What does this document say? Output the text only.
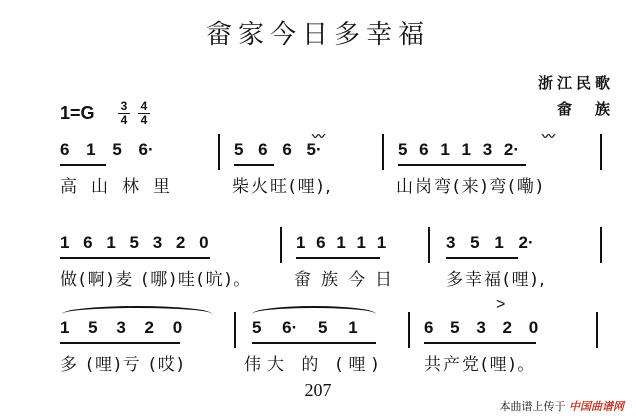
畲家今日多幸福
浙江民歌
畲　族
1=G 3
4
4
4
6 1 5 6·	5 6 6 5·
〰
5 6 1 1 3 2·
〰
高山林里	柴火旺(哩),	山岗弯(来)弯(嘞)
1 6 1 5 3 2 0	1 6 1 1 1	3 5 1 2·
做(啊)麦 (哪)哇(吭)。 畲族今日	多幸福(哩),
1 5 3 2 0	5 6· 5 1
>
6 5 3 2 0
多 (哩)亏 (哎)	伟大 的 (哩) 共产党(哩)。
207
本曲谱上传于 中国曲谱网
